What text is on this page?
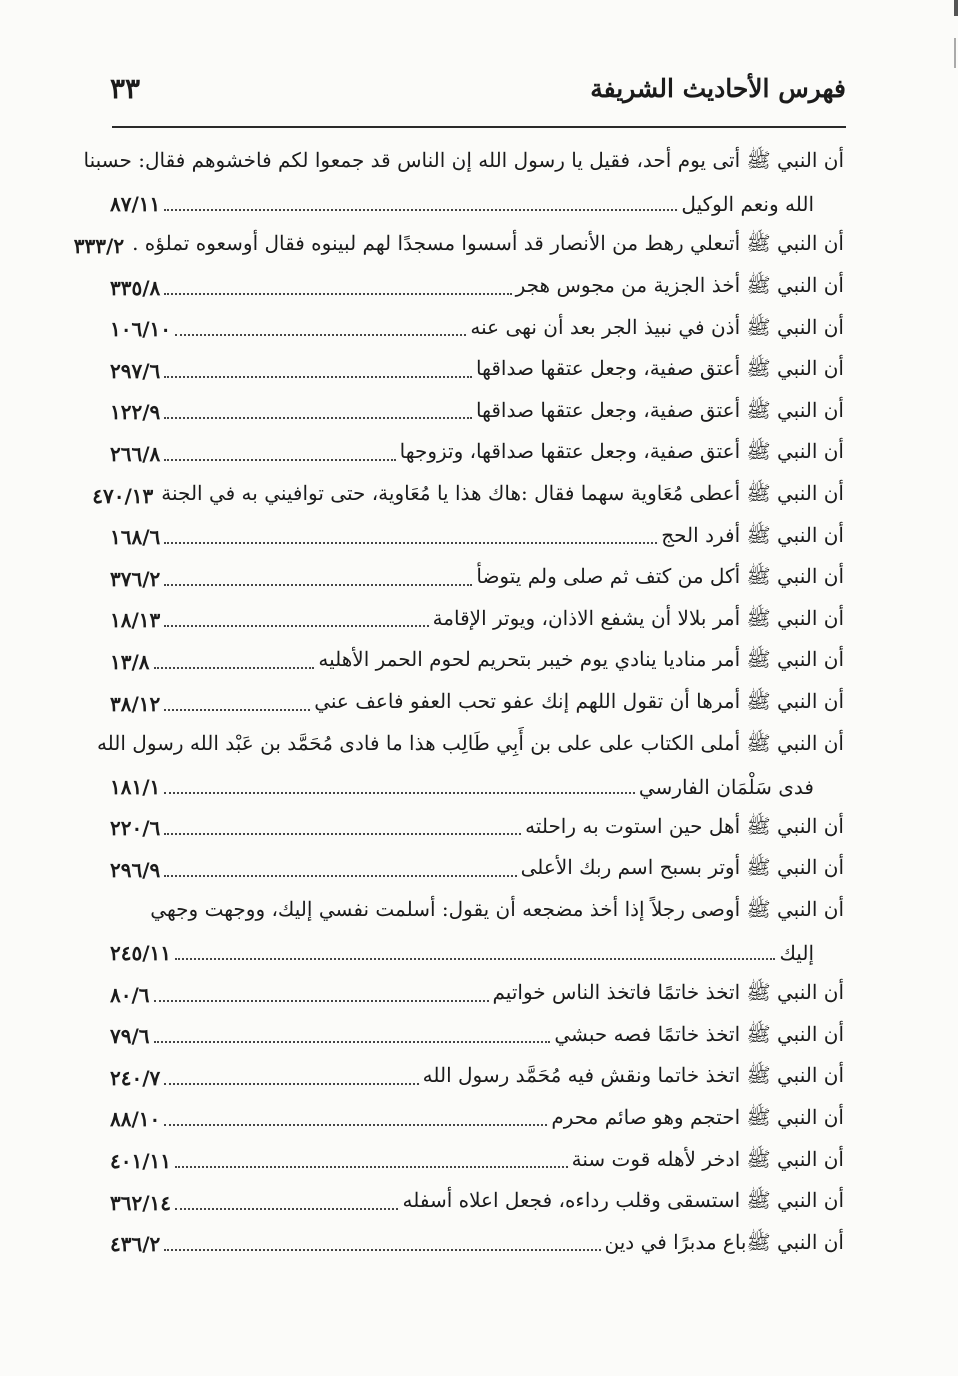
فهرس الأحاديث الشريفة
٣٣
أن النبي ﷺ أتى يوم أحد، فقيل يا رسول الله إن الناس قد جمعوا لكم فاخشوهم فقال: حسبنا
الله ونعم الوكيل
٨٧/١١
أن النبي ﷺ أتىعلي رهط من الأنصار قد أسسوا مسجدًا لهم لبينوه فقال أوسعوه تملؤه .
٣٣٣/٢
أن النبي ﷺ أخذ الجزية من مجوس هجر
٣٣٥/٨
أن النبي ﷺ أذن في نبيذ الجر بعد أن نهى عنه
١٠٦/١٠
أن النبي ﷺ أعتق صفية، وجعل عتقها صداقها
٢٩٧/٦
أن النبي ﷺ أعتق صفية، وجعل عتقها صداقها
١٢٢/٩
أن النبي ﷺ أعتق صفية، وجعل عتقها صداقها، وتزوجها
٢٦٦/٨
أن النبي ﷺ أعطى مُعَاوية سهما فقال :هاك هذا يا مُعَاوية، حتى توافيني به في الجنة
٤٧٠/١٣
أن النبي ﷺ أفرد الحج
١٦٨/٦
أن النبي ﷺ أكل من كتف ثم صلى ولم يتوضأ
٣٧٦/٢
أن النبي ﷺ أمر بلالا أن يشفع الاذان، ويوتر الإقامة
١٨/١٣
أن النبي ﷺ أمر مناديا ينادي يوم خيبر بتحريم لحوم الحمر الأهليه
١٣/٨
أن النبي ﷺ أمرها أن تقول اللهم إنك عفو تحب العفو فاعف عني
٣٨/١٢
أن النبي ﷺ أملى الكتاب على على بن أَبِي طَالِب هذا ما فادى مُحَمَّد بن عَبْد الله رسول الله
فدى سَلْمَان الفارسي
١٨١/١
أن النبي ﷺ أهل حين استوت به راحلته
٢٢٠/٦
أن النبي ﷺ أوتر بسبح اسم ربك الأعلى
٢٩٦/٩
أن النبي ﷺ أوصى رجلاً إذا أخذ مضجعه أن يقول: أسلمت نفسي إليك، ووجهت وجهي
إليك
٢٤٥/١١
أن النبي ﷺ اتخذ خاتمًا فاتخذ الناس خواتيم
٨٠/٦
أن النبي ﷺ اتخذ خاتمًا فصه حبشي
٧٩/٦
أن النبي ﷺ اتخذ خاتما ونقش فيه مُحَمَّد رسول الله
٢٤٠/٧
أن النبي ﷺ احتجم وهو صائم محرم
٨٨/١٠
أن النبي ﷺ ادخر لأهله قوت سنة
٤٠١/١١
أن النبي ﷺ استسقى وقلب رداءه، فجعل اعلاه أسفله
٣٦٢/١٤
أن النبي ﷺباع مدبرًا في دين
٤٣٦/٢
